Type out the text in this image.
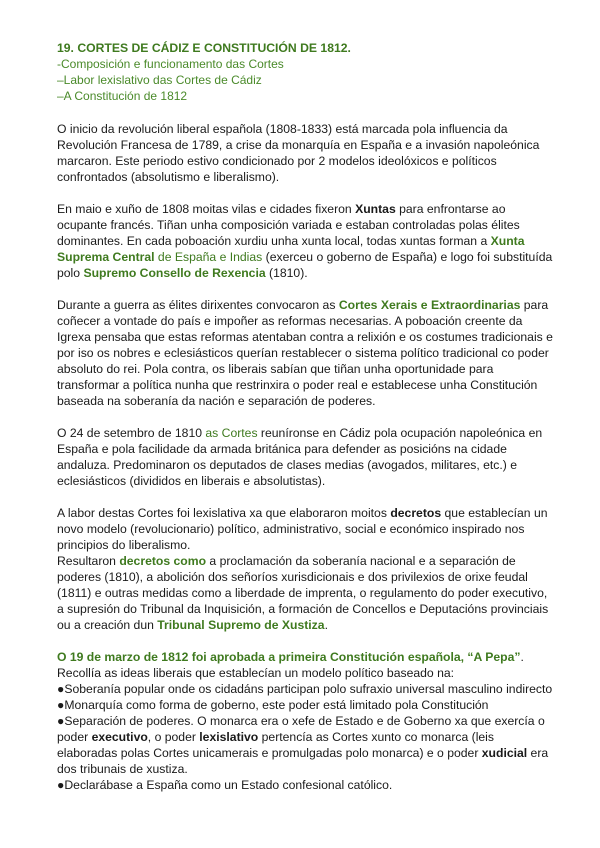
19. CORTES DE CÁDIZ E CONSTITUCIÓN DE 1812.
-Composición e funcionamento das Cortes
–Labor lexislativo das Cortes de Cádiz
–A Constitución de 1812

O inicio da revolución liberal española (1808-1833) está marcada pola influencia da Revolución Francesa de 1789, a crise da monarquía en España e a invasión napoleónica marcaron. Este periodo estivo condicionado por 2 modelos ideolóxicos e políticos confrontados (absolutismo e liberalismo).

En maio e xuño de 1808 moitas vilas e cidades fixeron Xuntas para enfrontarse ao ocupante francés. Tiñan unha composición variada e estaban controladas polas élites dominantes. En cada poboación xurdiu unha xunta local, todas xuntas forman a Xunta Suprema Central de España e Indias (exerceu o goberno de España) e logo foi substituída polo Supremo Consello de Rexencia (1810).

Durante a guerra as élites dirixentes convocaron as Cortes Xerais e Extraordinarias para coñecer a vontade do país e impoñer as reformas necesarias. A poboación creente da Igrexa pensaba que estas reformas atentaban contra a relixión e os costumes tradicionais e por iso os nobres e eclesiásticos querían restablecer o sistema político tradicional co poder absoluto do rei. Pola contra, os liberais sabían que tiñan unha oportunidade para transformar a política nunha que restrinxira o poder real e establecese unha Constitución baseada na soberanía da nación e separación de poderes.

O 24 de setembro de 1810 as Cortes reuníronse en Cádiz pola ocupación napoleónica en España e pola facilidade da armada británica para defender as posicións na cidade andaluza. Predominaron os deputados de clases medias (avogados, militares, etc.) e eclesiásticos (divididos en liberais e absolutistas).

A labor destas Cortes foi lexislativa xa que elaboraron moitos decretos que establecían un novo modelo (revolucionario) político, administrativo, social e económico inspirado nos principios do liberalismo.
Resultaron decretos como a proclamación da soberanía nacional e a separación de poderes (1810), a abolición dos señoríos xurisdicionais e dos privilexios de orixe feudal (1811) e outras medidas como a liberdade de imprenta, o regulamento do poder executivo, a supresión do Tribunal da Inquisición, a formación de Concellos e Deputacións provinciais ou a creación dun Tribunal Supremo de Xustiza.

O 19 de marzo de 1812 foi aprobada a primeira Constitución española, “A Pepa”.
Recollía as ideas liberais que establecían un modelo político baseado na:
●Soberanía popular onde os cidadáns participan polo sufraxio universal masculino indirecto
●Monarquía como forma de goberno, este poder está limitado pola Constitución
●Separación de poderes. O monarca era o xefe de Estado e de Goberno xa que exercía o poder executivo, o poder lexislativo pertencía as Cortes xunto co monarca (leis elaboradas polas Cortes unicamerais e promulgadas polo monarca) e o poder xudicial era dos tribunais de xustiza.
●Declarábase a España como un Estado confesional católico.
